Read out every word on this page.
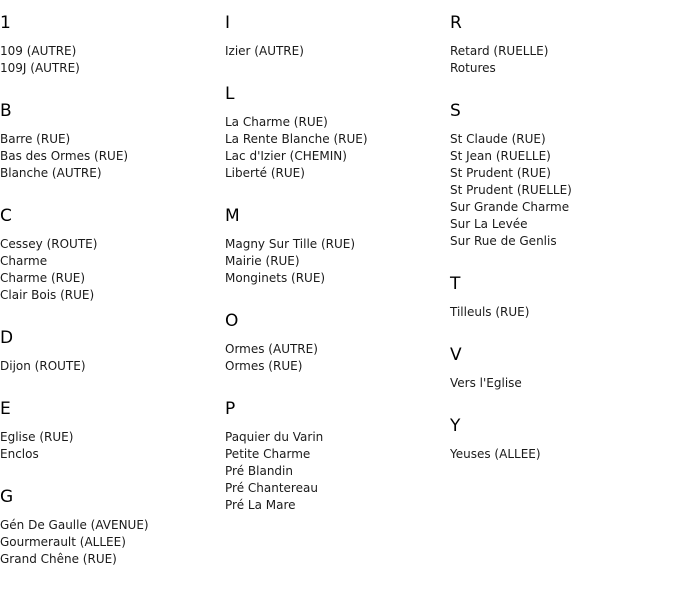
1
109 (AUTRE)
109J (AUTRE)
B
Barre (RUE)
Bas des Ormes (RUE)
Blanche (AUTRE)
C
Cessey (ROUTE)
Charme
Charme (RUE)
Clair Bois (RUE)
D
Dijon (ROUTE)
E
Eglise (RUE)
Enclos
G
Gén De Gaulle (AVENUE)
Gourmerault (ALLEE)
Grand Chêne (RUE)
I
Izier (AUTRE)
L
La Charme (RUE)
La Rente Blanche (RUE)
Lac d'Izier (CHEMIN)
Liberté (RUE)
M
Magny Sur Tille (RUE)
Mairie (RUE)
Monginets (RUE)
O
Ormes (AUTRE)
Ormes (RUE)
P
Paquier du Varin
Petite Charme
Pré Blandin
Pré Chantereau
Pré La Mare
R
Retard (RUELLE)
Rotures
S
St Claude (RUE)
St Jean (RUELLE)
St Prudent (RUE)
St Prudent (RUELLE)
Sur Grande Charme
Sur La Levée
Sur Rue de Genlis
T
Tilleuls (RUE)
V
Vers l'Eglise
Y
Yeuses (ALLEE)
